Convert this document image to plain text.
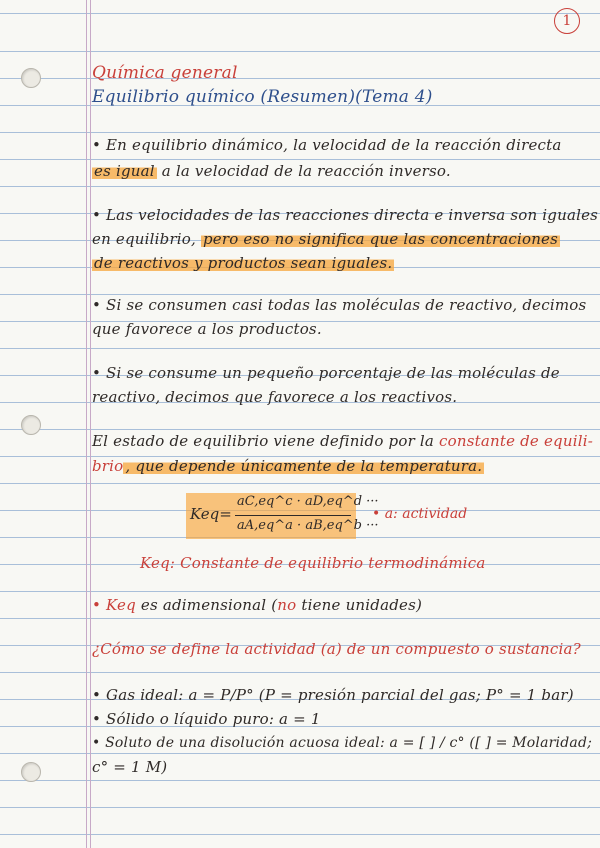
1
Química general
Equilibrio químico (Resumen)(Tema 4)
• En equilibrio dinámico, la velocidad de la reacción directa
es igual a la velocidad de la reacción inverso.
• Las velocidades de las reacciones directa e inversa son iguales
en equilibrio, pero eso no significa que las concentraciones
de reactivos y productos sean iguales.
• Si se consumen casi todas las moléculas de reactivo, decimos
que favorece a los productos.
• Si se consume un pequeño porcentaje de las moléculas de
reactivo, decimos que favorece a los reactivos.
El estado de equilibrio viene definido por la constante de equili-
brio , que depende únicamente de la temperatura.
Keq=
aC,eq^c · aD,eq^d ···
aA,eq^a · aB,eq^b ···
• a: actividad
Keq: Constante de equilibrio termodinámica
• Keq es adimensional (no tiene unidades)
¿Cómo se define la actividad (a) de un compuesto o sustancia?
• Gas ideal: a = P/P° (P = presión parcial del gas; P° = 1 bar)
• Sólido o líquido puro: a = 1
• Soluto de una disolución acuosa ideal: a = [ ] / c° ([ ] = Molaridad;
c° = 1 M)
